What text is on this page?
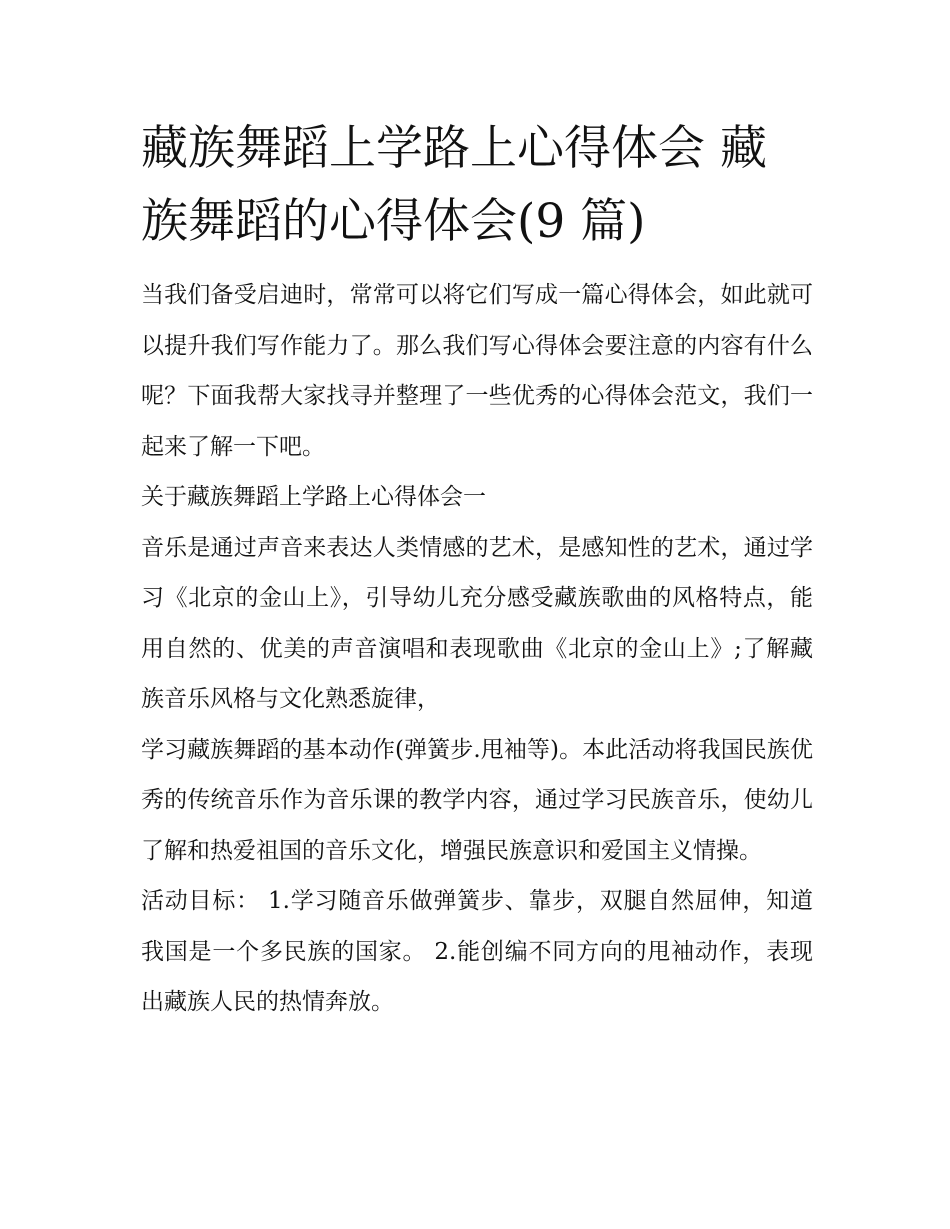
藏族舞蹈上学路上心得体会 藏族舞蹈的心得体会(9 篇)

当我们备受启迪时，常常可以将它们写成一篇心得体会，如此就可以提升我们写作能力了。那么我们写心得体会要注意的内容有什么呢？下面我帮大家找寻并整理了一些优秀的心得体会范文，我们一起来了解一下吧。

关于藏族舞蹈上学路上心得体会一

音乐是通过声音来表达人类情感的艺术，是感知性的艺术，通过学习《北京的金山上》，引导幼儿充分感受藏族歌曲的风格特点，能用自然的、优美的声音演唱和表现歌曲《北京的金山上》;了解藏族音乐风格与文化熟悉旋律，

学习藏族舞蹈的基本动作(弹簧步.甩袖等)。本此活动将我国民族优秀的传统音乐作为音乐课的教学内容，通过学习民族音乐，使幼儿了解和热爱祖国的音乐文化，增强民族意识和爱国主义情操。

活动目标： 1.学习随音乐做弹簧步、靠步，双腿自然屈伸，知道我国是一个多民族的国家。 2.能创编不同方向的甩袖动作，表现出藏族人民的热情奔放。
